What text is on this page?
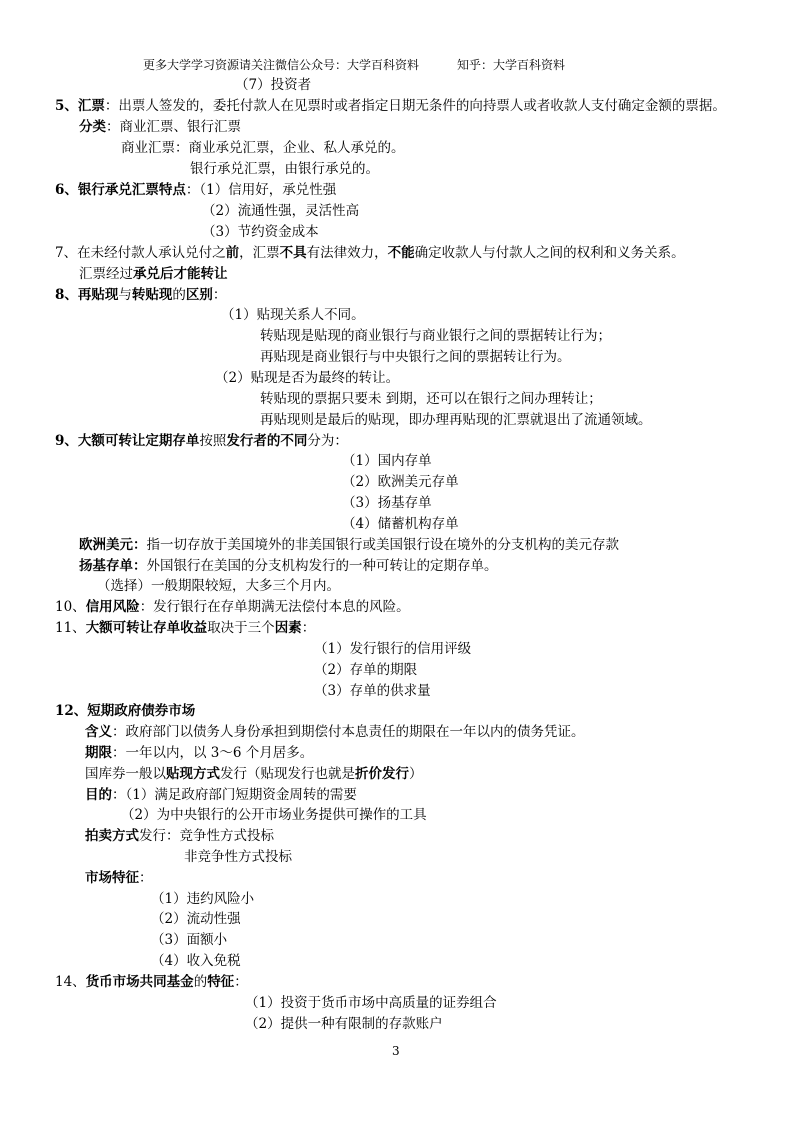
更多大学学习资源请关注微信公众号：大学百科资料	知乎：大学百科资料
（7）投资者
5、汇票：出票人签发的，委托付款人在见票时或者指定日期无条件的向持票人或者收款人支付确定金额的票据。
分类：商业汇票、银行汇票
商业汇票：商业承兑汇票，企业、私人承兑的。
银行承兑汇票，由银行承兑的。
6、银行承兑汇票特点：（1）信用好，承兑性强
（2）流通性强，灵活性高
（3）节约资金成本
7、在未经付款人承认兑付之前，汇票不具有法律效力，不能确定收款人与付款人之间的权利和义务关系。
汇票经过承兑后才能转让
8、再贴现与转贴现的区别：
（1）贴现关系人不同。
转贴现是贴现的商业银行与商业银行之间的票据转让行为；
再贴现是商业银行与中央银行之间的票据转让行为。
（2）贴现是否为最终的转让。
转贴现的票据只要未 到期，还可以在银行之间办理转让；
再贴现则是最后的贴现，即办理再贴现的汇票就退出了流通领域。
9、大额可转让定期存单按照发行者的不同分为：
（1）国内存单
（2）欧洲美元存单
（3）扬基存单
（4）储蓄机构存单
欧洲美元：指一切存放于美国境外的非美国银行或美国银行设在境外的分支机构的美元存款
扬基存单：外国银行在美国的分支机构发行的一种可转让的定期存单。
（选择）一般期限较短，大多三个月内。
10、信用风险：发行银行在存单期满无法偿付本息的风险。
11、大额可转让存单收益取决于三个因素：
（1）发行银行的信用评级
（2）存单的期限
（3）存单的供求量
12、短期政府债券市场
含义：政府部门以债务人身份承担到期偿付本息责任的期限在一年以内的债务凭证。
期限：一年以内，以 3～6 个月居多。
国库券一般以贴现方式发行（贴现发行也就是折价发行）
目的：（1）满足政府部门短期资金周转的需要
（2）为中央银行的公开市场业务提供可操作的工具
拍卖方式发行：竞争性方式投标
非竞争性方式投标
市场特征：
（1）违约风险小
（2）流动性强
（3）面额小
（4）收入免税
14、货币市场共同基金的特征：
（1）投资于货币市场中高质量的证券组合
（2）提供一种有限制的存款账户
3
